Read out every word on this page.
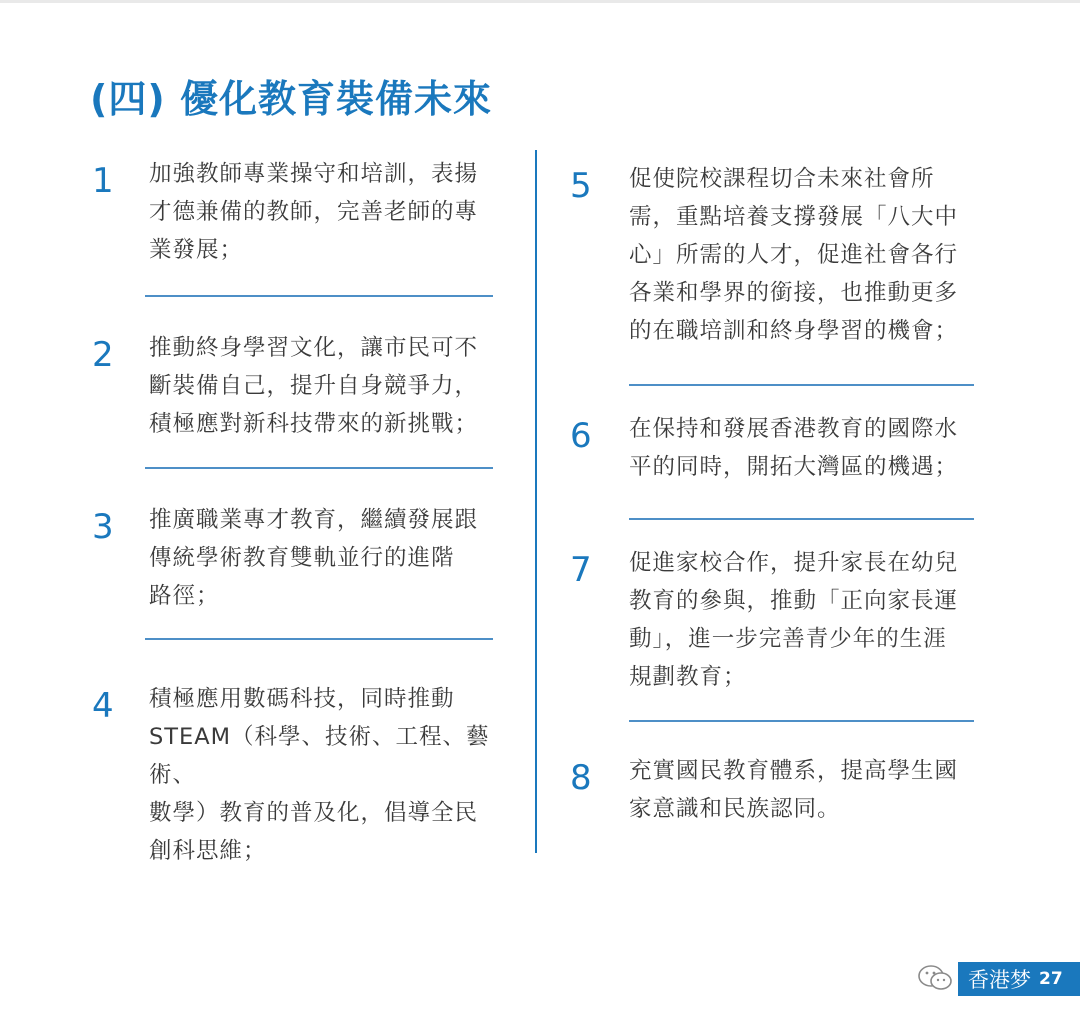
(四) 優化教育裝備未來
1 加強教師專業操守和培訓，表揚
才德兼備的教師，完善老師的專
業發展；
2 推動終身學習文化，讓市民可不
斷裝備自己，提升自身競爭力，
積極應對新科技帶來的新挑戰；
3 推廣職業專才教育，繼續發展跟
傳統學術教育雙軌並行的進階
路徑；
4 積極應用數碼科技，同時推動
STEAM（科學、技術、工程、藝術、
數學）教育的普及化，倡導全民
創科思維；
5 促使院校課程切合未來社會所
需，重點培養支撐發展「八大中
心」所需的人才，促進社會各行
各業和學界的銜接，也推動更多
的在職培訓和終身學習的機會；
6 在保持和發展香港教育的國際水
平的同時，開拓大灣區的機遇；
7 促進家校合作，提升家長在幼兒
教育的參與，推動「正向家長運
動」，進一步完善青少年的生涯
規劃教育；
8 充實國民教育體系，提高學生國
家意識和民族認同。
香港梦 27
